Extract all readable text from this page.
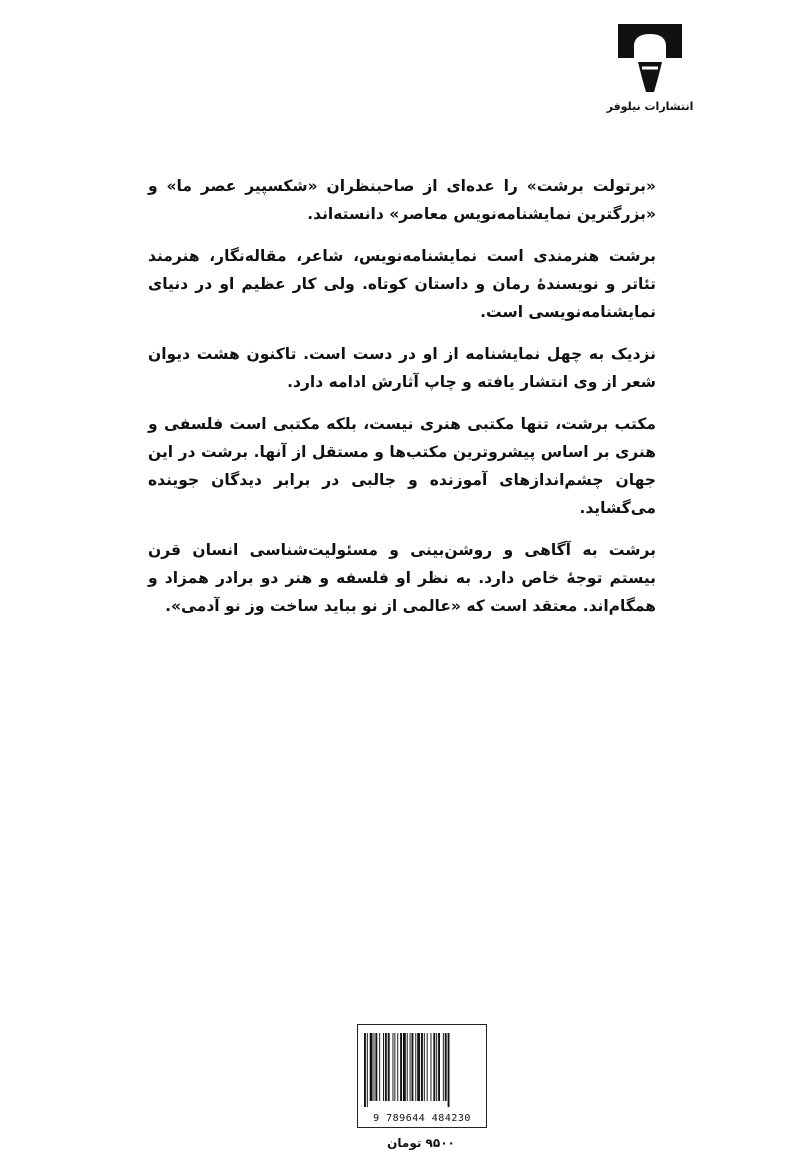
انتشارات نیلوفر

«برتولت برشت» را عده‌ای از صاحبنظران «شکسپیر عصر ما» و «بزرگترین نمایشنامه‌نویس معاصر» دانسته‌اند.

برشت هنرمندی است نمایشنامه‌نویس، شاعر، مقاله‌نگار، هنرمند تئاتر و نویسندهٔ رمان و داستان کوتاه. ولی کار عظیم او در دنیای نمایشنامه‌نویسی است.

نزدیک به چهل نمایشنامه از او در دست است. تاکنون هشت دیوان شعر از وی انتشار یافته و چاپ آثارش ادامه دارد.

مکتب برشت، تنها مکتبی هنری نیست، بلکه مکتبی است فلسفی و هنری بر اساس پیشروترین مکتب‌ها و مستقل از آنها. برشت در این جهان چشم‌اندازهای آموزنده و جالبی در برابر دیدگان جوینده می‌گشاید.

برشت به آگاهی و روشن‌بینی و مسئولیت‌شناسی انسان قرن بیستم توجهٔ خاص دارد. به نظر او فلسفه و هنر دو برادر همزاد و همگام‌اند. معتقد است که «عالمی از نو بباید ساخت وز نو آدمی».

9 789644 484230
۹۵۰۰ تومان
